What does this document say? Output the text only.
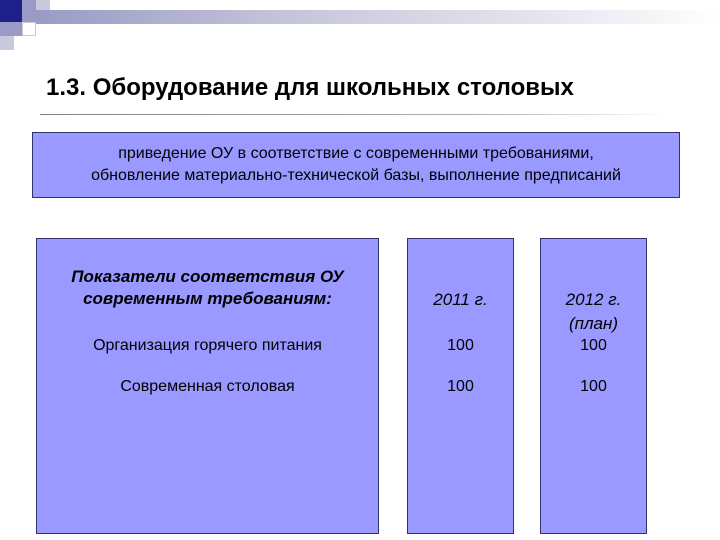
1.3. Оборудование для школьных столовых
приведение ОУ в соответствие с современными требованиями,
обновление материально-технической базы, выполнение предписаний
Показатели соответствия ОУ
современным требованиям:
Организация горячего питания
Современная столовая
2011 г.
100
100
2012 г.
(план)
100
100
